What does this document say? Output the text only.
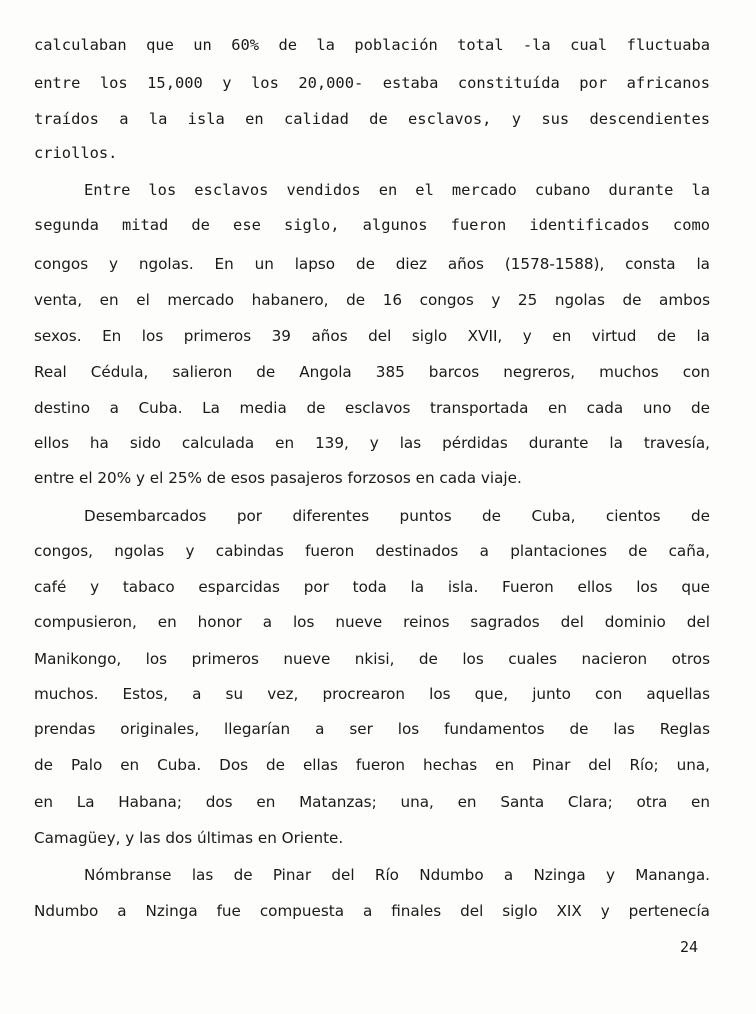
calculaban que un 60% de la población total -la cual fluctuaba
entre los 15,000 y los 20,000- estaba constituída por africanos
traídos a la isla en calidad de esclavos, y sus descendientes
criollos.
Entre los esclavos vendidos en el mercado cubano durante la
segunda mitad de ese siglo, algunos fueron identificados como
congos y ngolas. En un lapso de diez años (1578-1588), consta la
venta, en el mercado habanero, de 16 congos y 25 ngolas de ambos
sexos. En los primeros 39 años del siglo XVII, y en virtud de la
Real Cédula, salieron de Angola 385 barcos negreros, muchos con
destino a Cuba. La media de esclavos transportada en cada uno de
ellos ha sido calculada en 139, y las pérdidas durante la travesía,
entre el 20% y el 25% de esos pasajeros forzosos en cada viaje.
Desembarcados por diferentes puntos de Cuba, cientos de
congos, ngolas y cabindas fueron destinados a plantaciones de caña,
café y tabaco esparcidas por toda la isla. Fueron ellos los que
compusieron, en honor a los nueve reinos sagrados del dominio del
Manikongo, los primeros nueve nkisi, de los cuales nacieron otros
muchos. Estos, a su vez, procrearon los que, junto con aquellas
prendas originales, llegarían a ser los fundamentos de las Reglas
de Palo en Cuba. Dos de ellas fueron hechas en Pinar del Río; una,
en La Habana; dos en Matanzas; una, en Santa Clara; otra en
Camagüey, y las dos últimas en Oriente.
Nómbranse las de Pinar del Río Ndumbo a Nzinga y Mananga.
Ndumbo a Nzinga fue compuesta a finales del siglo XIX y pertenecía
24
